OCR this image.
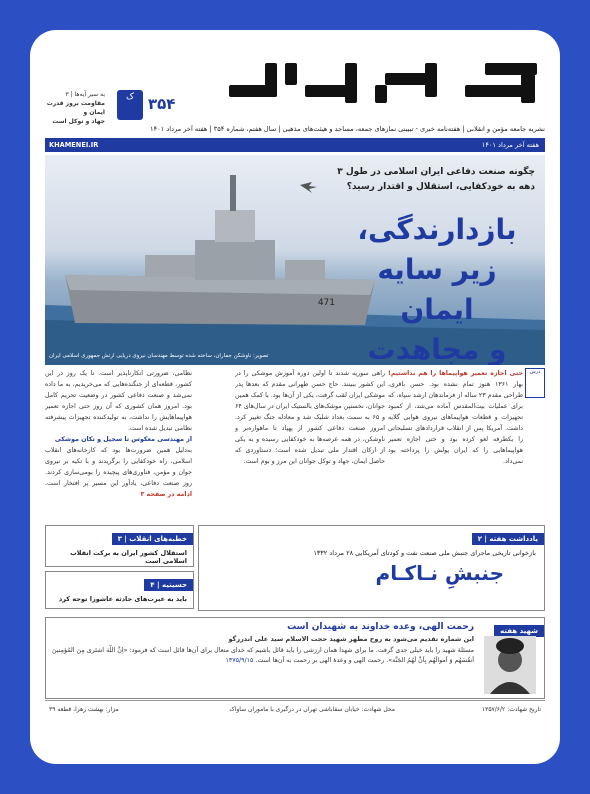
۳۵۴
ک
به سیر آیه‌ها | ۳
مقاومت بروز قدرت ایمان و
جهاد و توکل است
نشریه جامعه مؤمن و انقلابی | هفته‌نامه خبری - تبیینی نمازهای جمعه، مساجد و هیئت‌های مذهبی | سال هفتم، شماره ۳۵۴ | هفته آخر مرداد ۱۴۰۱
هفته آخر مرداد ۱۴۰۱
KHAMENEI.IR
471
چگونه صنعت دفاعی ایران اسلامی در طول ۳ دهه به خودکفایی، استقلال و اقتدار رسید؟
بازدارندگی،
زیر سایه ایمان
و مجاهدت
تصویر: ناوشکن جماران، ساخته شده توسط مهندسان نیروی دریایی ارتش جمهوری اسلامی ایران
درس
حتی اجازه تعمیر هواپیماها را هم نداشتیم! بهار ۱۳۶۱ هنوز تمام نشده بود. حسن باقری، طراحی مقدم ۲۳ ساله از فرماندهان ارشد سپاه، که برای عملیات بیت‌المقدس آماده می‌شد، از کمبود تجهیزات و قطعات هواپیماهای نیروی هوایی گلایه داشت. آمریکا پس از انقلاب قراردادهای تسلیحاتی را یکطرفه لغو کرده بود و حتی اجازه تعمیر هواپیماهایی را که ایران پولش را پرداخته بود نمی‌داد.
راهی سوریه شدند تا اولین دوره آموزش موشکی را در این کشور ببینند. حاج حسن طهرانی مقدم که بعدها پدر موشکی ایران لقب گرفت، یکی از آن‌ها بود. با کمک همین جوانان، نخستین موشک‌های بالستیک ایران در سال‌های ۶۴ و ۶۵ به سمت بغداد شلیک شد و معادله جنگ تغییر کرد. امروز صنعت دفاعی کشور از پهپاد تا ماهواره‌بر و ناوشکن، در همه عرصه‌ها به خودکفایی رسیده و به یکی از ارکان اقتدار ملی تبدیل شده است؛ دستاوردی که حاصل ایمان، جهاد و توکل جوانان این مرز و بوم است.
نظامی، ضرورتی انکارناپذیر است. تا یک روز در این کشور، قطعه‌ای از جنگنده‌هایی که می‌خریدیم، به ما داده نمی‌شد و صنعت دفاعی کشور در وضعیت تحریم کامل بود. امروز همان کشوری که آن روز حتی اجازه تعمیر هواپیماهایش را نداشت، به تولیدکننده تجهیزات پیشرفته نظامی تبدیل شده است.
از مهندسی معکوس تا سجیل و تکان موشکی
به‌دلیل همین ضرورت‌ها بود که کارخانه‌های انقلاب اسلامی، راه خودکفایی را برگزیدند و با تکیه بر نیروی جوان و مؤمن، فناوری‌های پیچیده را بومی‌سازی کردند. روز صنعت دفاعی، یادآور این مسیر پر افتخار است. ادامه در صفحه ۳
خطبه‌های انقلاب | ۳
استقلال کشور ایران به برکت انقلاب اسلامی است
حسینیه | ۴
باید به عبرت‌های حادثه عاشورا توجه کرد
یادداشت هفته | ۲
بازخوانی تاریخی ماجرای جنبش ملی صنعت نفت و کودتای آمریکایی ۲۸ مرداد ۱۳۳۲
جنبشِ نـاکـام
شهید هفته
رحمت الهی، وعده خداوند به شهیدان است
این شماره تقدیم می‌شود به روح مطهر شهید حجت الاسلام سید علی اندرزگو
مسئلهٔ شهید را باید خیلی جدی گرفت. ما برای شهدا همان ارزشی را باید قائل باشیم که خدای متعال برای آن‌ها قائل است که فرمود: «اِنَّ اللّهَ اشتَری مِنَ المُؤمِنینَ اَنفُسَهُم وَ اَموالَهُم بِاَنَّ لَهُمُ الجَنَّة». رحمت الهی و وعدهٔ الهی بر رحمت به آن‌ها است. ۱۳۷۵/۹/۱۵
تاریخ شهادت: ۱۳۵۷/۶/۲
محل شهادت: خیابان سقاباشی تهران در درگیری با ماموران ساواک
مزار: بهشت زهرا، قطعه ۳۹
